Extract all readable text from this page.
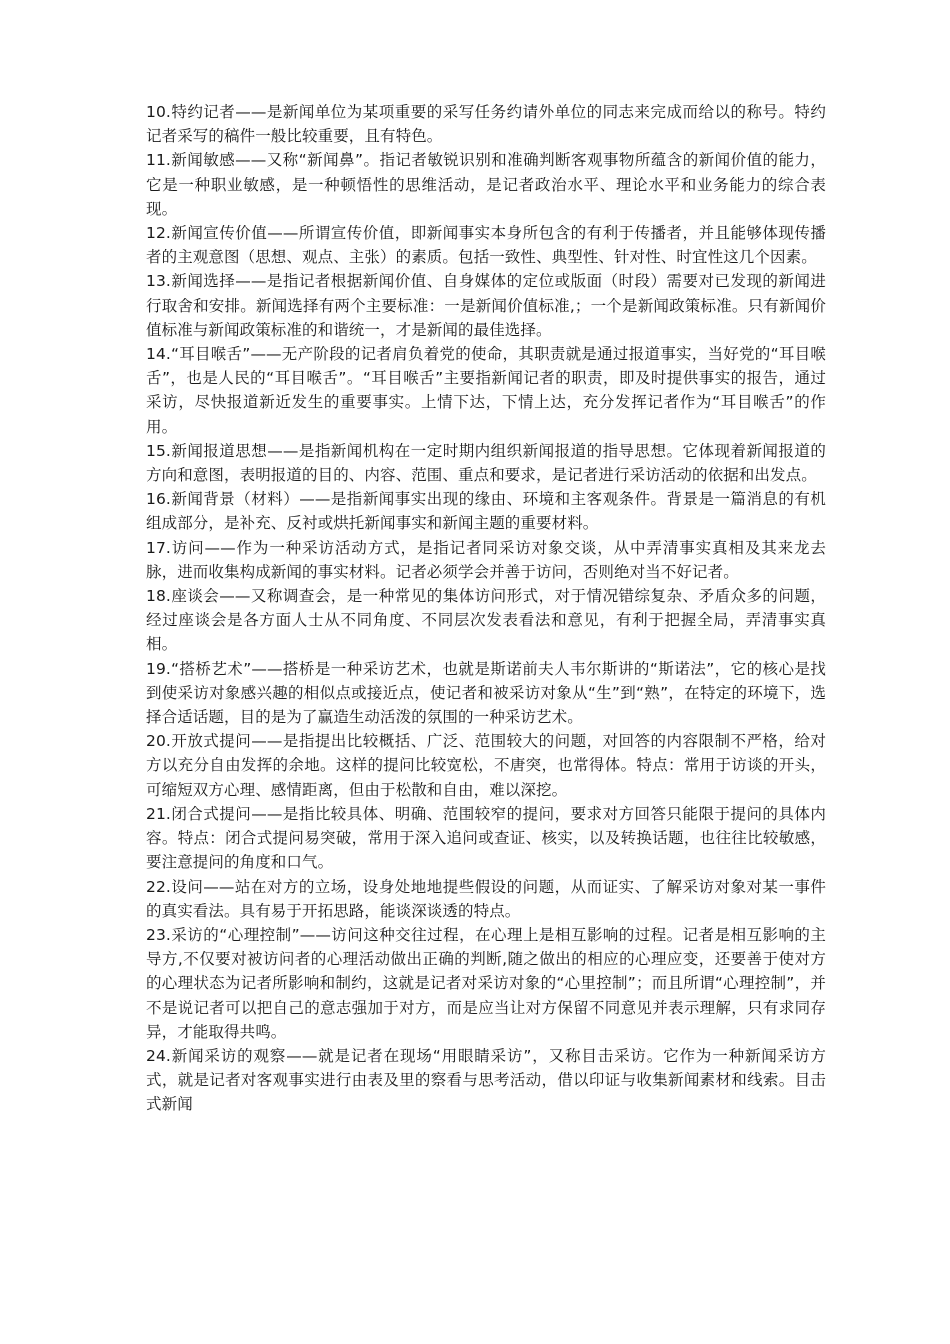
10.特约记者——是新闻单位为某项重要的采写任务约请外单位的同志来完成而给以的称号。特约记者采写的稿件一般比较重要，且有特色。

11.新闻敏感——又称“新闻鼻”。指记者敏锐识别和准确判断客观事物所蕴含的新闻价值的能力，它是一种职业敏感，是一种顿悟性的思维活动，是记者政治水平、理论水平和业务能力的综合表现。

12.新闻宣传价值——所谓宣传价值，即新闻事实本身所包含的有利于传播者，并且能够体现传播者的主观意图（思想、观点、主张）的素质。包括一致性、典型性、针对性、时宜性这几个因素。

13.新闻选择——是指记者根据新闻价值、自身媒体的定位或版面（时段）需要对已发现的新闻进行取舍和安排。新闻选择有两个主要标准：一是新闻价值标准,；一个是新闻政策标准。只有新闻价值标准与新闻政策标准的和谐统一，才是新闻的最佳选择。

14.“耳目喉舌”——无产阶段的记者肩负着党的使命，其职责就是通过报道事实，当好党的“耳目喉舌”，也是人民的“耳目喉舌”。“耳目喉舌”主要指新闻记者的职责，即及时提供事实的报告，通过采访，尽快报道新近发生的重要事实。上情下达，下情上达，充分发挥记者作为“耳目喉舌”的作用。

15.新闻报道思想——是指新闻机构在一定时期内组织新闻报道的指导思想。它体现着新闻报道的方向和意图，表明报道的目的、内容、范围、重点和要求，是记者进行采访活动的依据和出发点。

16.新闻背景（材料）——是指新闻事实出现的缘由、环境和主客观条件。背景是一篇消息的有机组成部分，是补充、反衬或烘托新闻事实和新闻主题的重要材料。

17.访问——作为一种采访活动方式，是指记者同采访对象交谈，从中弄清事实真相及其来龙去脉，进而收集构成新闻的事实材料。记者必须学会并善于访问，否则绝对当不好记者。

18.座谈会——又称调查会，是一种常见的集体访问形式，对于情况错综复杂、矛盾众多的问题，经过座谈会是各方面人士从不同角度、不同层次发表看法和意见，有利于把握全局，弄清事实真相。

19.“搭桥艺术”——搭桥是一种采访艺术，也就是斯诺前夫人韦尔斯讲的“斯诺法”，它的核心是找到使采访对象感兴趣的相似点或接近点，使记者和被采访对象从“生”到“熟”，在特定的环境下，选择合适话题，目的是为了赢造生动活泼的氛围的一种采访艺术。

20.开放式提问——是指提出比较概括、广泛、范围较大的问题，对回答的内容限制不严格，给对方以充分自由发挥的余地。这样的提问比较宽松，不唐突，也常得体。特点：常用于访谈的开头，可缩短双方心理、感情距离，但由于松散和自由，难以深挖。

21.闭合式提问——是指比较具体、明确、范围较窄的提问，要求对方回答只能限于提问的具体内容。特点：闭合式提问易突破，常用于深入追问或查证、核实，以及转换话题，也往往比较敏感，要注意提问的角度和口气。

22.设问——站在对方的立场，设身处地地提些假设的问题，从而证实、了解采访对象对某一事件的真实看法。具有易于开拓思路，能谈深谈透的特点。

23.采访的“心理控制”——访问这种交往过程，在心理上是相互影响的过程。记者是相互影响的主导方,不仅要对被访问者的心理活动做出正确的判断,随之做出的相应的心理应变，还要善于使对方的心理状态为记者所影响和制约，这就是记者对采访对象的“心里控制”；而且所谓“心理控制”，并不是说记者可以把自己的意志强加于对方，而是应当让对方保留不同意见并表示理解，只有求同存异，才能取得共鸣。

24.新闻采访的观察——就是记者在现场“用眼睛采访”，又称目击采访。它作为一种新闻采访方式，就是记者对客观事实进行由表及里的察看与思考活动，借以印证与收集新闻素材和线索。目击式新闻
